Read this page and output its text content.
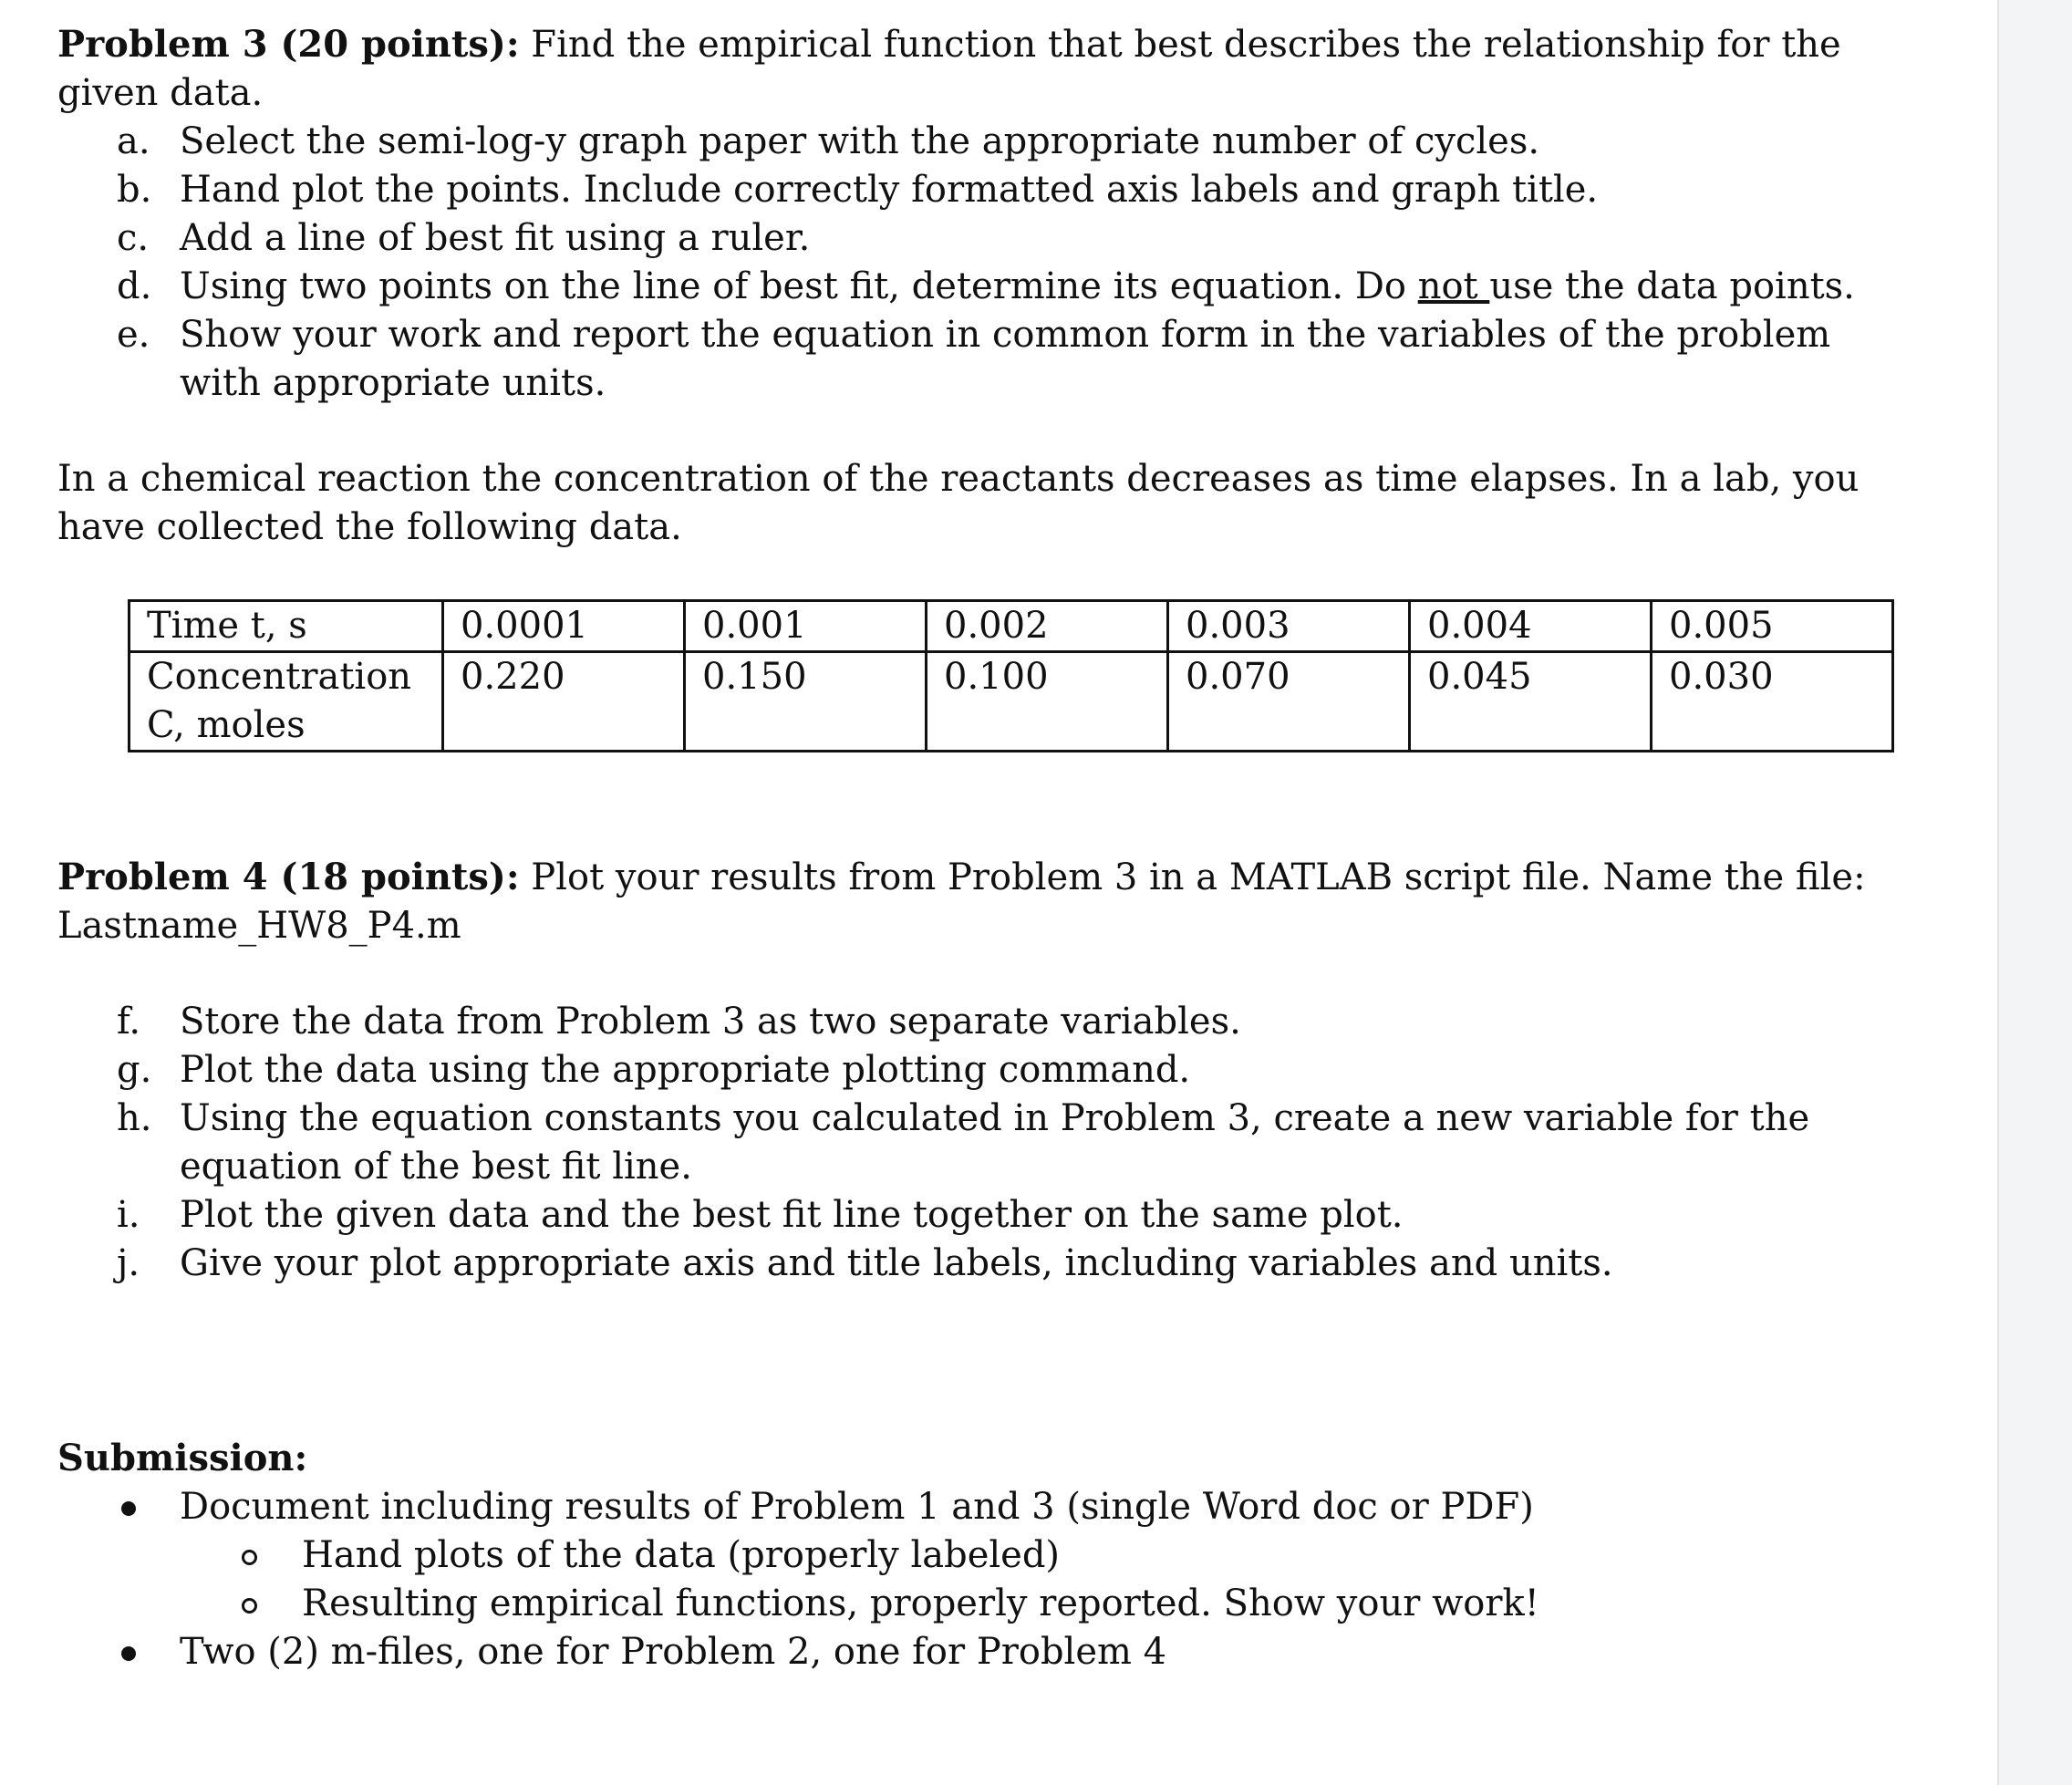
Problem 3 (20 points): Find the empirical function that best describes the relationship for the given data.

a. Select the semi-log-y graph paper with the appropriate number of cycles.
b. Hand plot the points. Include correctly formatted axis labels and graph title.
c. Add a line of best fit using a ruler.
d. Using two points on the line of best fit, determine its equation. Do not use the data points.
e. Show your work and report the equation in common form in the variables of the problem with appropriate units.

In a chemical reaction the concentration of the reactants decreases as time elapses. In a lab, you have collected the following data.

Time t, s	0.0001	0.001	0.002	0.003	0.004	0.005
Concentration
C, moles	0.220	0.150	0.100	0.070	0.045	0.030

Problem 4 (18 points): Plot your results from Problem 3 in a MATLAB script file. Name the file: Lastname_HW8_P4.m

f.	Store the data from Problem 3 as two separate variables.
g. Plot the data using the appropriate plotting command.
h. Using the equation constants you calculated in Problem 3, create a new variable for the equation of the best fit line.
i.	Plot the given data and the best fit line together on the same plot.
j.	Give your plot appropriate axis and title labels, including variables and units.

Submission:

Document including results of Problem 1 and 3 (single Word doc or PDF)
Hand plots of the data (properly labeled)
Resulting empirical functions, properly reported. Show your work!
Two (2) m-files, one for Problem 2, one for Problem 4
